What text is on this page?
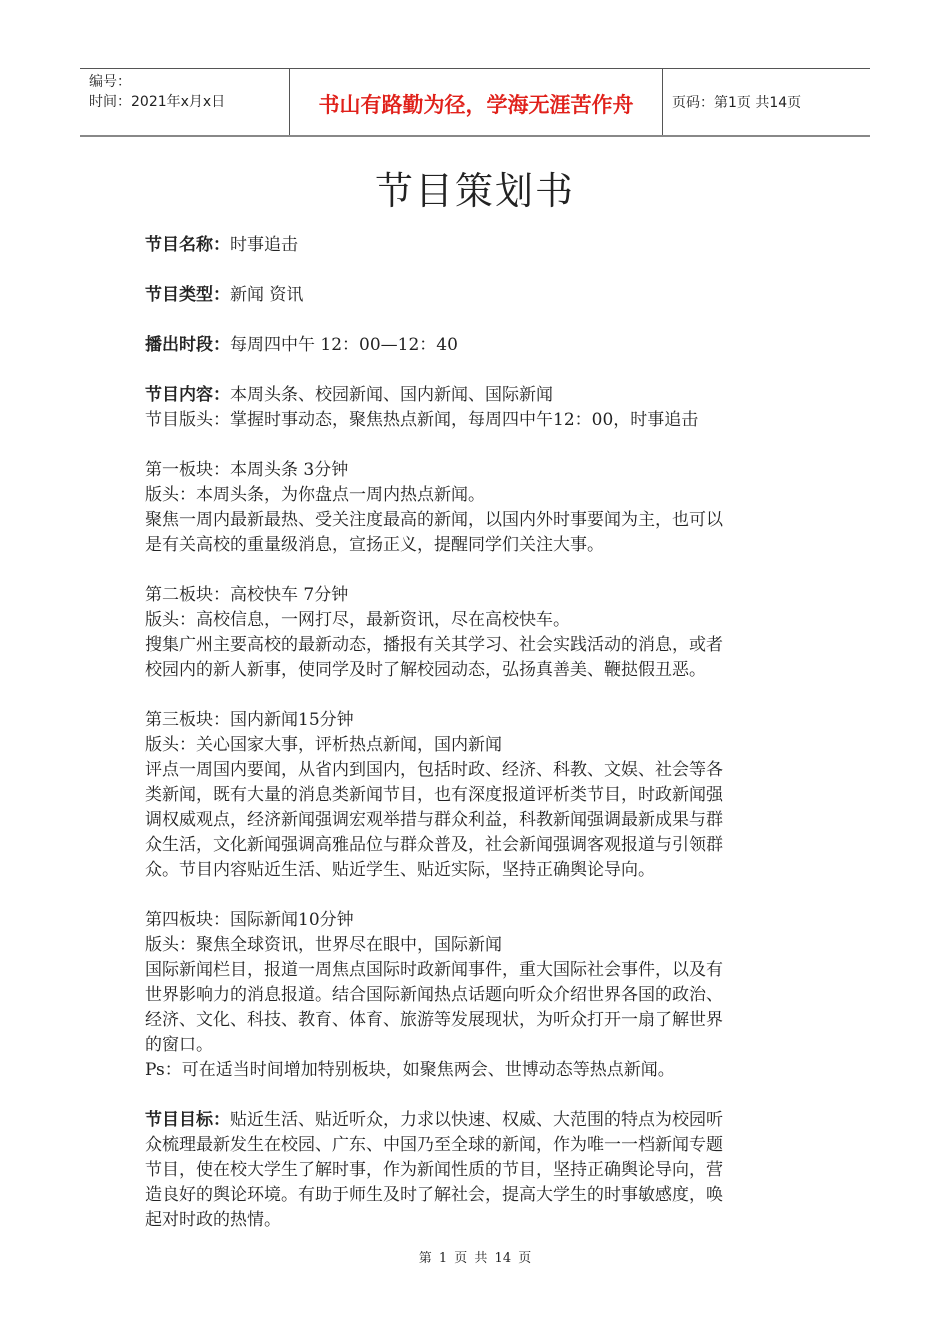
编号：
时间：2021年x月x日	书山有路勤为径，学海无涯苦作舟	页码：第1页 共14页
节目策划书
节目名称：时事追击
节目类型：新闻 资讯
播出时段：每周四中午 12：00—12：40
节目内容：本周头条、校园新闻、国内新闻、国际新闻
节目版头：掌握时事动态，聚焦热点新闻，每周四中午12：00，时事追击
第一板块：本周头条 3分钟
版头：本周头条，为你盘点一周内热点新闻。
聚焦一周内最新最热、受关注度最高的新闻，以国内外时事要闻为主，也可以
是有关高校的重量级消息，宣扬正义，提醒同学们关注大事。
第二板块：高校快车 7分钟
版头：高校信息，一网打尽，最新资讯，尽在高校快车。
搜集广州主要高校的最新动态，播报有关其学习、社会实践活动的消息，或者
校园内的新人新事，使同学及时了解校园动态，弘扬真善美、鞭挞假丑恶。
第三板块：国内新闻15分钟
版头：关心国家大事，评析热点新闻，国内新闻
评点一周国内要闻，从省内到国内，包括时政、经济、科教、文娱、社会等各
类新闻，既有大量的消息类新闻节目，也有深度报道评析类节目，时政新闻强
调权威观点，经济新闻强调宏观举措与群众利益，科教新闻强调最新成果与群
众生活，文化新闻强调高雅品位与群众普及，社会新闻强调客观报道与引领群
众。节目内容贴近生活、贴近学生、贴近实际，坚持正确舆论导向。
第四板块：国际新闻10分钟
版头：聚焦全球资讯，世界尽在眼中，国际新闻
国际新闻栏目，报道一周焦点国际时政新闻事件，重大国际社会事件，以及有
世界影响力的消息报道。结合国际新闻热点话题向听众介绍世界各国的政治、
经济、文化、科技、教育、体育、旅游等发展现状，为听众打开一扇了解世界
的窗口。
Ps：可在适当时间增加特别板块，如聚焦两会、世博动态等热点新闻。
节目目标：贴近生活、贴近听众，力求以快速、权威、大范围的特点为校园听
众梳理最新发生在校园、广东、中国乃至全球的新闻，作为唯一一档新闻专题
节目，使在校大学生了解时事，作为新闻性质的节目，坚持正确舆论导向，营
造良好的舆论环境。有助于师生及时了解社会，提高大学生的时事敏感度，唤
起对时政的热情。
第 1 页 共 14 页
